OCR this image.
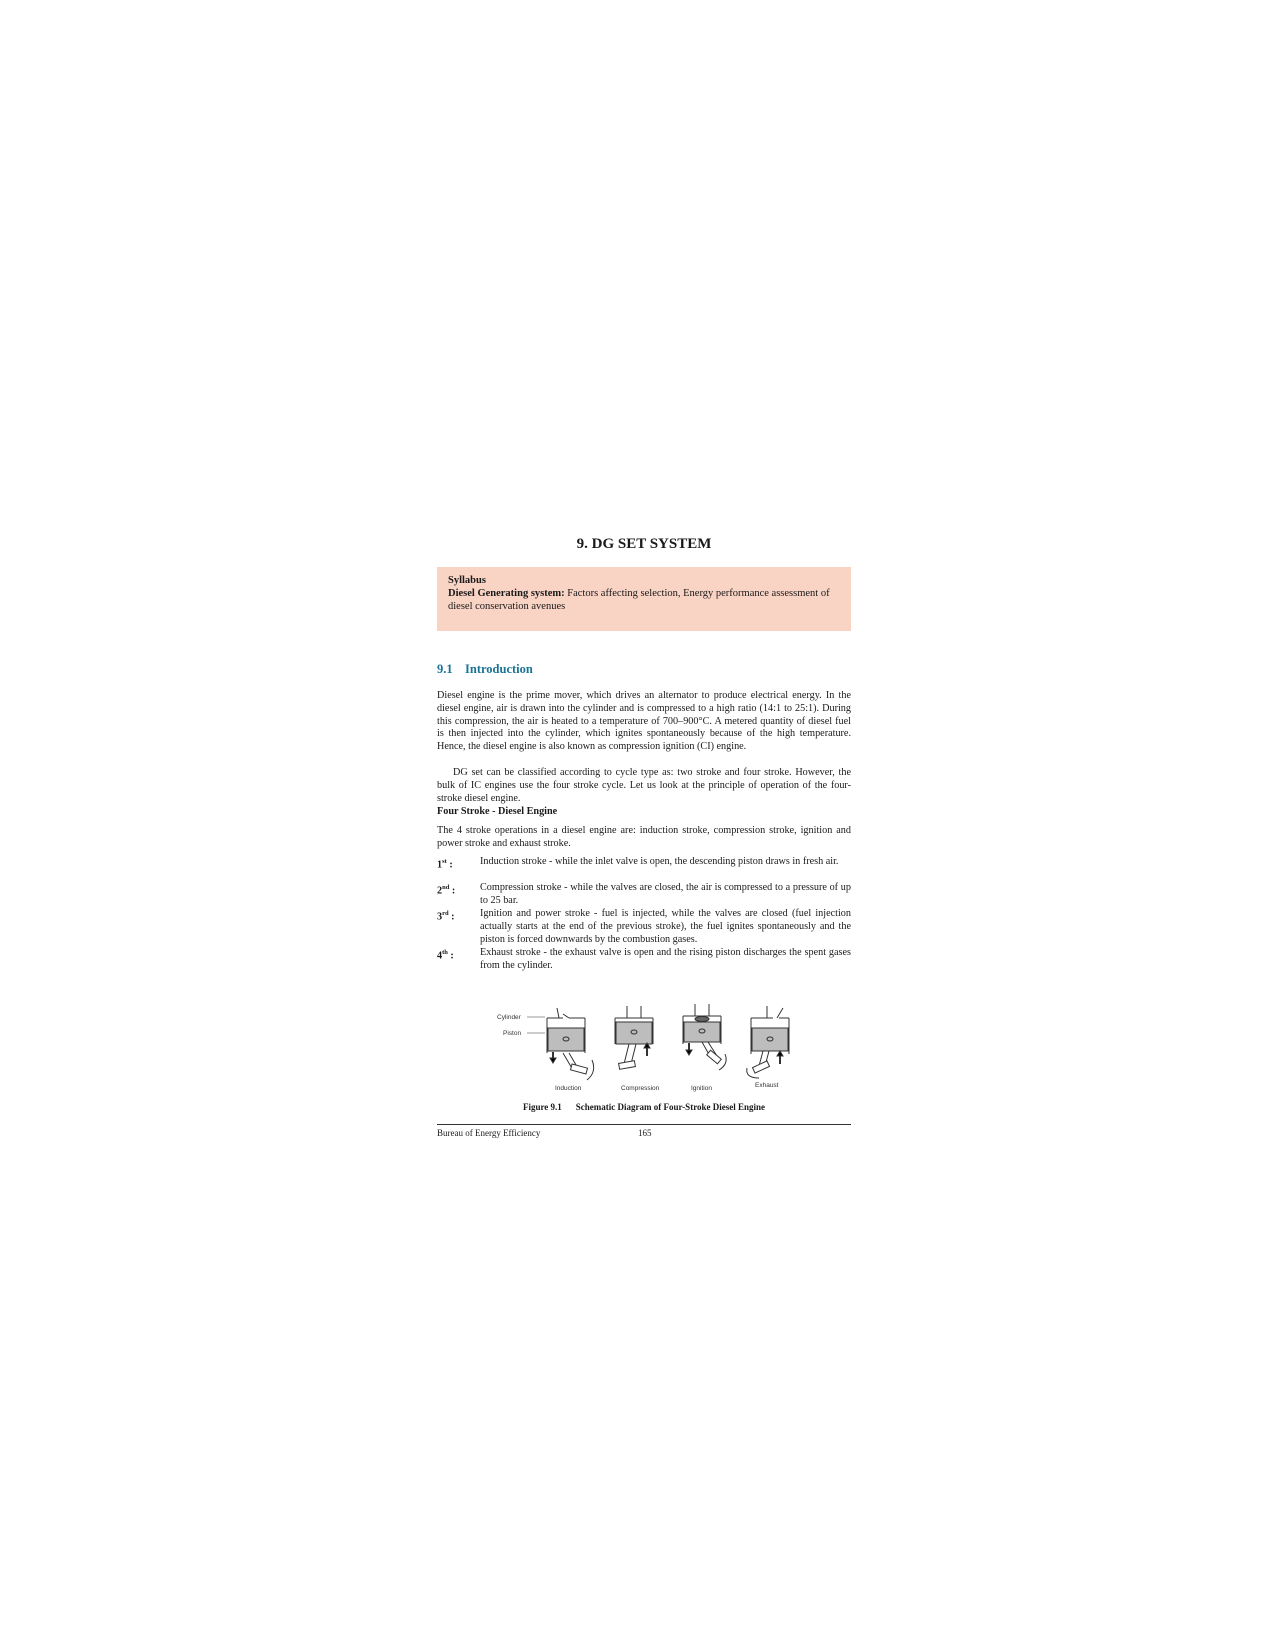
9. DG SET SYSTEM
Syllabus
Diesel Generating system: Factors affecting selection, Energy performance assessment of diesel conservation avenues
9.1 Introduction

Diesel engine is the prime mover, which drives an alternator to produce electrical energy. In the diesel engine, air is drawn into the cylinder and is compressed to a high ratio (14:1 to 25:1). During this compression, the air is heated to a temperature of 700–900°C. A metered quantity of diesel fuel is then injected into the cylinder, which ignites spontaneously because of the high temperature. Hence, the diesel engine is also known as compression ignition (CI) engine.

DG set can be classified according to cycle type as: two stroke and four stroke. However, the bulk of IC engines use the four stroke cycle. Let us look at the principle of operation of the four-stroke diesel engine.

Four Stroke - Diesel Engine

The 4 stroke operations in a diesel engine are: induction stroke, compression stroke, ignition and power stroke and exhaust stroke.

1st :	Induction stroke - while the inlet valve is open, the descending piston draws in fresh air.
2nd : Compression stroke - while the valves are closed, the air is compressed to a pressure of up to 25 bar.
3rd : Ignition and power stroke - fuel is injected, while the valves are closed (fuel injection actually starts at the end of the previous stroke), the fuel ignites spontaneously and the piston is forced downwards by the combustion gases.
4th :	Exhaust stroke - the exhaust valve is open and the rising piston discharges the spent gases from the cylinder.
Cylinder
Piston
Induction	Compression	Ignition	Exhaust
Figure 9.1 Schematic Diagram of Four-Stroke Diesel Engine
Bureau of Energy Efficiency	165
